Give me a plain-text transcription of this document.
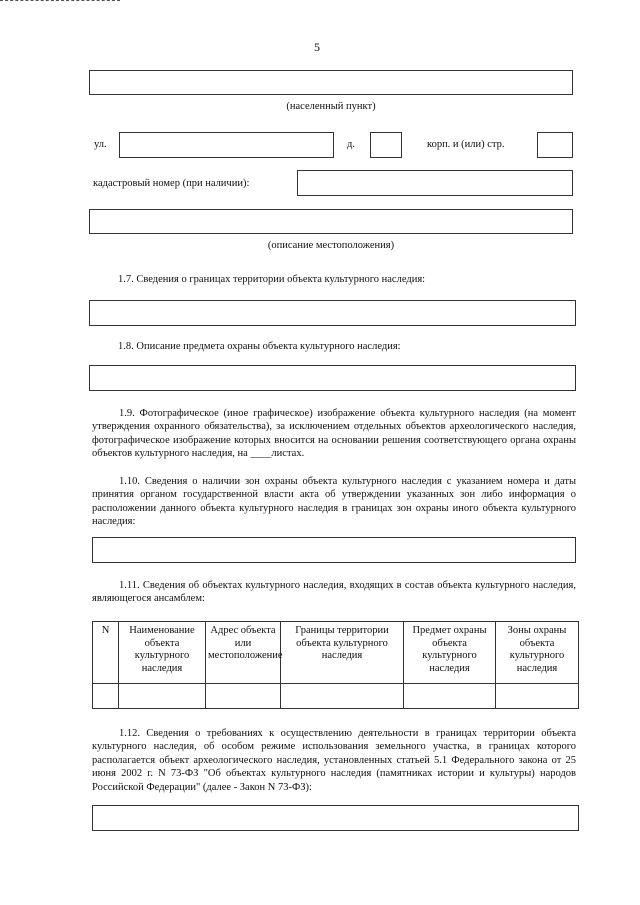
5
(населенный пункт)
ул.	д.	корп. и (или) стр.
кадастровый номер (при наличии):
(описание местоположения)
1.7. Сведения о границах территории объекта культурного наследия:
1.8. Описание предмета охраны объекта культурного наследия:
1.9. Фотографическое (иное графическое) изображение объекта культурного наследия (на момент утверждения охранного обязательства), за исключением отдельных объектов археологического наследия, фотографическое изображение которых вносится на основании решения соответствующего органа охраны объектов культурного наследия, на ____листах.
1.10. Сведения о наличии зон охраны объекта культурного наследия с указанием номера и даты принятия органом государственной власти акта об утверждении указанных зон либо информация о расположении данного объекта культурного наследия в границах зон охраны иного объекта культурного наследия:
1.11. Сведения об объектах культурного наследия, входящих в состав объекта культурного наследия, являющегося ансамблем:
N	Наименование объекта культурного наследия	Адрес объекта или местоположение	Границы территории объекта культурного наследия	Предмет охраны объекта культурного наследия	Зоны охраны объекта культурного наследия

1.12. Сведения о требованиях к осуществлению деятельности в границах территории объекта культурного наследия, об особом режиме использования земельного участка, в границах которого располагается объект археологического наследия, установленных статьей 5.1 Федерального закона от 25 июня 2002 г. N 73-ФЗ "Об объектах культурного наследия (памятниках истории и культуры) народов Российской Федерации" (далее - Закон N 73-ФЗ):
